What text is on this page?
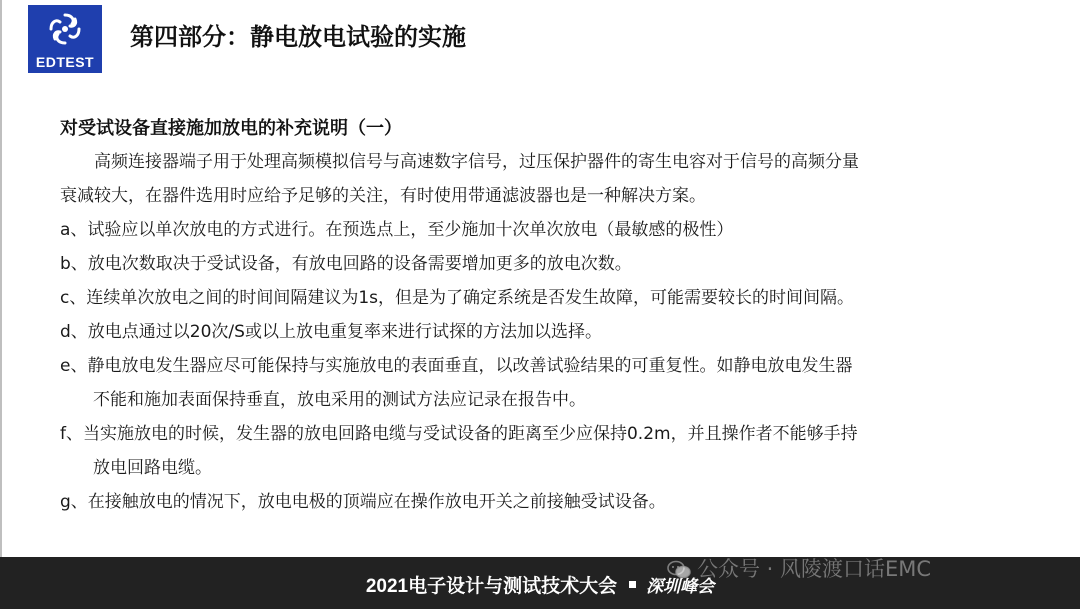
EDTEST
第四部分：静电放电试验的实施

对受试设备直接施加放电的补充说明（一）

高频连接器端子用于处理高频模拟信号与高速数字信号，过压保护器件的寄生电容对于信号的高频分量

衰减较大，在器件选用时应给予足够的关注，有时使用带通滤波器也是一种解决方案。

a、试验应以单次放电的方式进行。在预选点上，至少施加十次单次放电（最敏感的极性）

b、放电次数取决于受试设备，有放电回路的设备需要增加更多的放电次数。

c、连续单次放电之间的时间间隔建议为1s，但是为了确定系统是否发生故障，可能需要较长的时间间隔。

d、放电点通过以20次/S或以上放电重复率来进行试探的方法加以选择。

e、静电放电发生器应尽可能保持与实施放电的表面垂直，以改善试验结果的可重复性。如静电放电发生器

不能和施加表面保持垂直，放电采用的测试方法应记录在报告中。

f、当实施放电的时候，发生器的放电回路电缆与受试设备的距离至少应保持0.2m，并且操作者不能够手持

放电回路电缆。

g、在接触放电的情况下，放电电极的顶端应在操作放电开关之前接触受试设备。

2021电子设计与测试技术大会 深圳峰会
公众号 · 风陵渡口话EMC
